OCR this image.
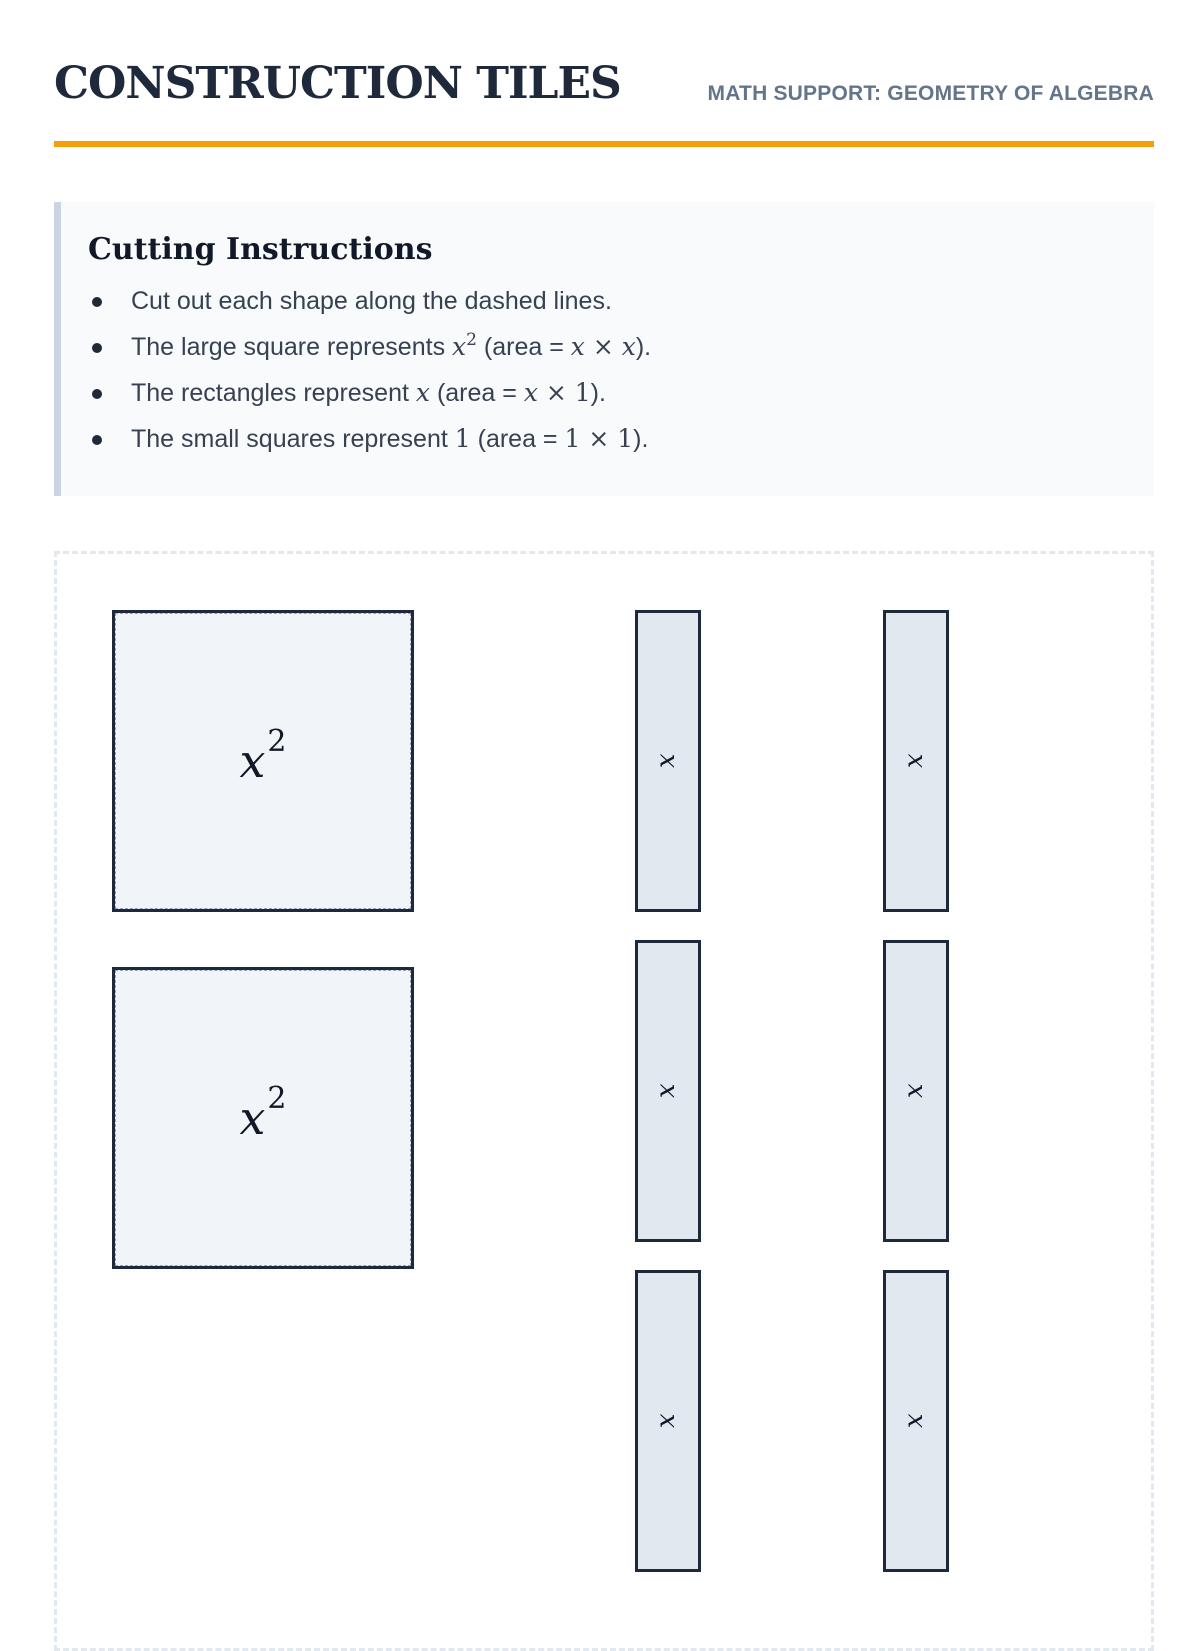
CONSTRUCTION TILES	MATH SUPPORT: GEOMETRY OF ALGEBRA
Cutting Instructions
Cut out each shape along the dashed lines.
The large square represents $x^2$ (area = x × x).
The rectangles represent x (area = x × 1).
The small squares represent 1 (area = 1 × 1).
x 2
x 2
x
x
x
x
x
x
